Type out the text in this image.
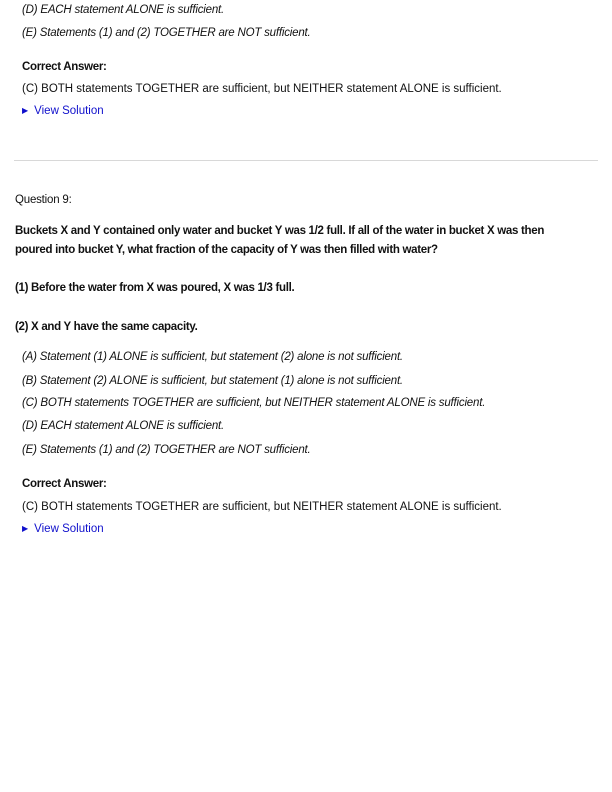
(D) EACH statement ALONE is sufficient.
(E) Statements (1) and (2) TOGETHER are NOT sufficient.
Correct Answer:
(C) BOTH statements TOGETHER are sufficient, but NEITHER statement ALONE is sufficient.
▶ View Solution
Question 9:
Buckets X and Y contained only water and bucket Y was 1/2 full. If all of the water in bucket X was then
poured into bucket Y, what fraction of the capacity of Y was then filled with water?
(1) Before the water from X was poured, X was 1/3 full.
(2) X and Y have the same capacity.
(A) Statement (1) ALONE is sufficient, but statement (2) alone is not sufficient.
(B) Statement (2) ALONE is sufficient, but statement (1) alone is not sufficient.
(C) BOTH statements TOGETHER are sufficient, but NEITHER statement ALONE is sufficient.
(D) EACH statement ALONE is sufficient.
(E) Statements (1) and (2) TOGETHER are NOT sufficient.
Correct Answer:
(C) BOTH statements TOGETHER are sufficient, but NEITHER statement ALONE is sufficient.
▶ View Solution
